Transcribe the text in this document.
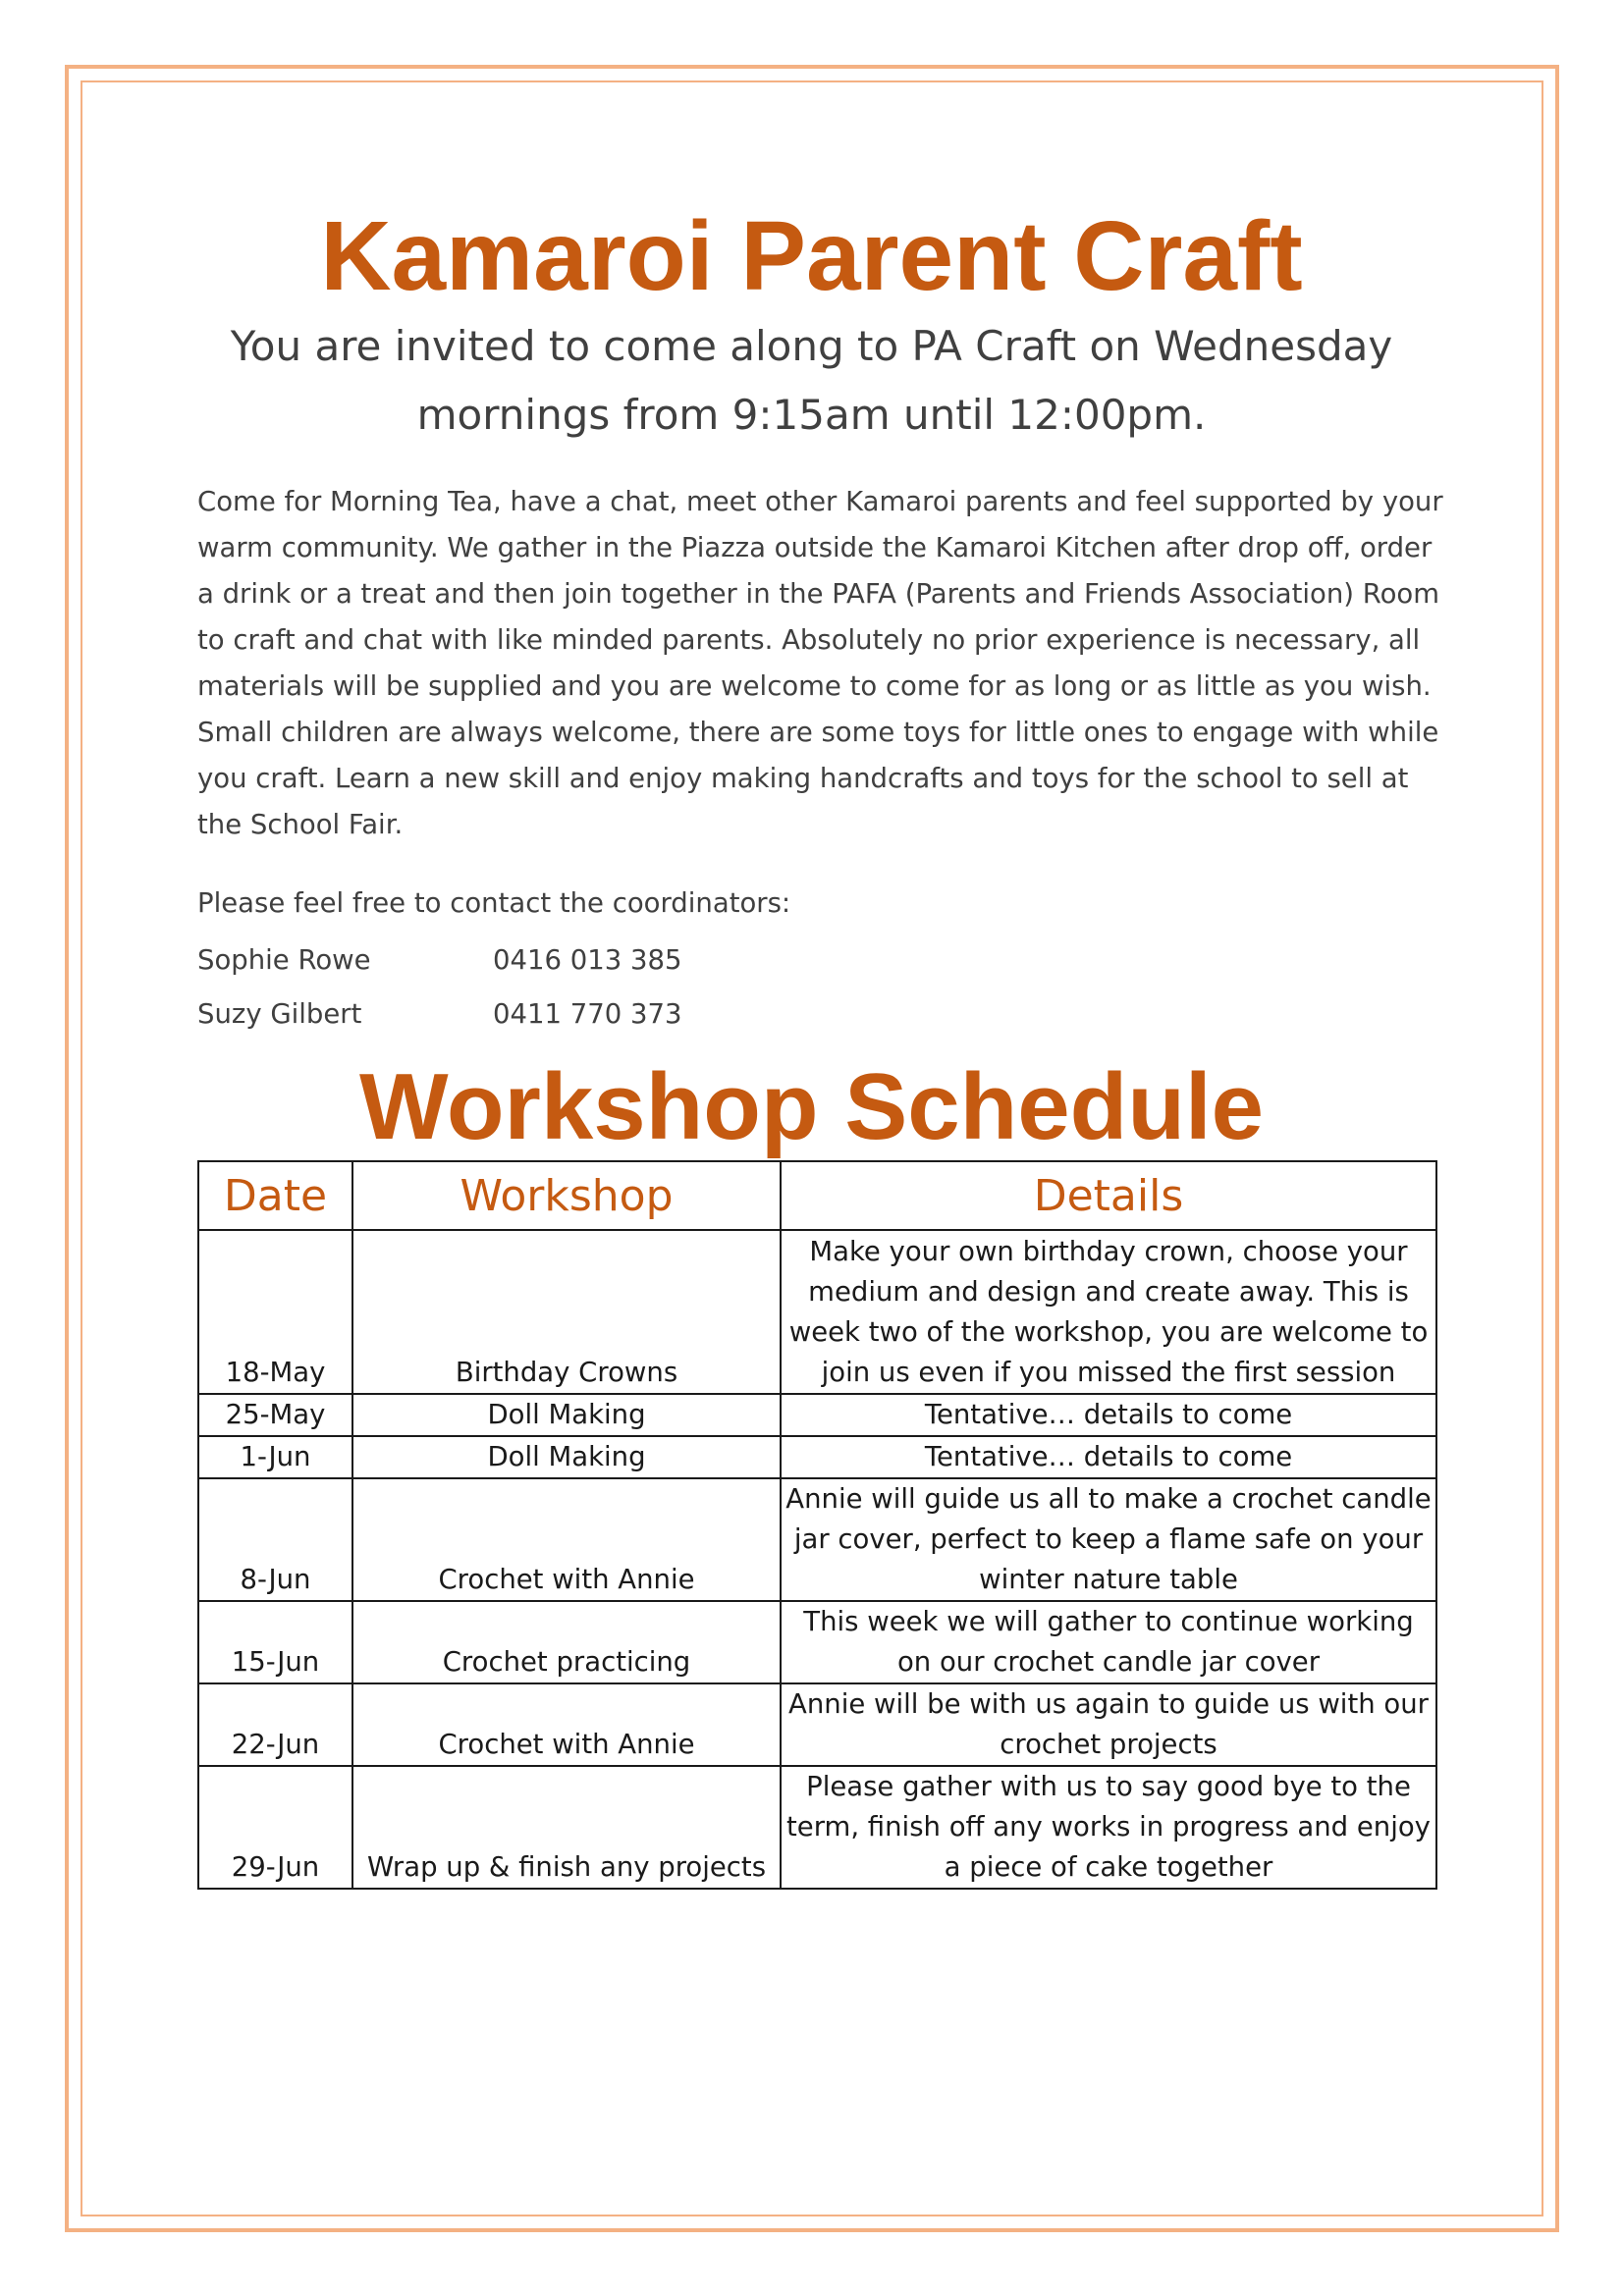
Kamaroi Parent Craft
You are invited to come along to PA Craft on Wednesday
mornings from 9:15am until 12:00pm.

Come for Morning Tea, have a chat, meet other Kamaroi parents and feel supported by your warm community. We gather in the Piazza outside the Kamaroi Kitchen after drop off, order a drink or a treat and then join together in the PAFA (Parents and Friends Association) Room to craft and chat with like minded parents. Absolutely no prior experience is necessary, all materials will be supplied and you are welcome to come for as long or as little as you wish. Small children are always welcome, there are some toys for little ones to engage with while you craft. Learn a new skill and enjoy making handcrafts and toys for the school to sell at the School Fair.

Please feel free to contact the coordinators:

Sophie Rowe	0416 013 385
Suzy Gilbert	0411 770 373
Workshop Schedule
Date	Workshop	Details
18-May	Birthday Crowns	Make your own birthday crown, choose your medium and design and create away. This is week two of the workshop, you are welcome to join us even if you missed the first session
25-May	Doll Making	Tentative… details to come
1-Jun	Doll Making	Tentative… details to come
8-Jun	Crochet with Annie	Annie will guide us all to make a crochet candle jar cover, perfect to keep a flame safe on your winter nature table
15-Jun	Crochet practicing	This week we will gather to continue working on our crochet candle jar cover
22-Jun	Crochet with Annie	Annie will be with us again to guide us with our crochet projects
29-Jun	Wrap up & finish any projects	Please gather with us to say good bye to the term, finish off any works in progress and enjoy a piece of cake together
